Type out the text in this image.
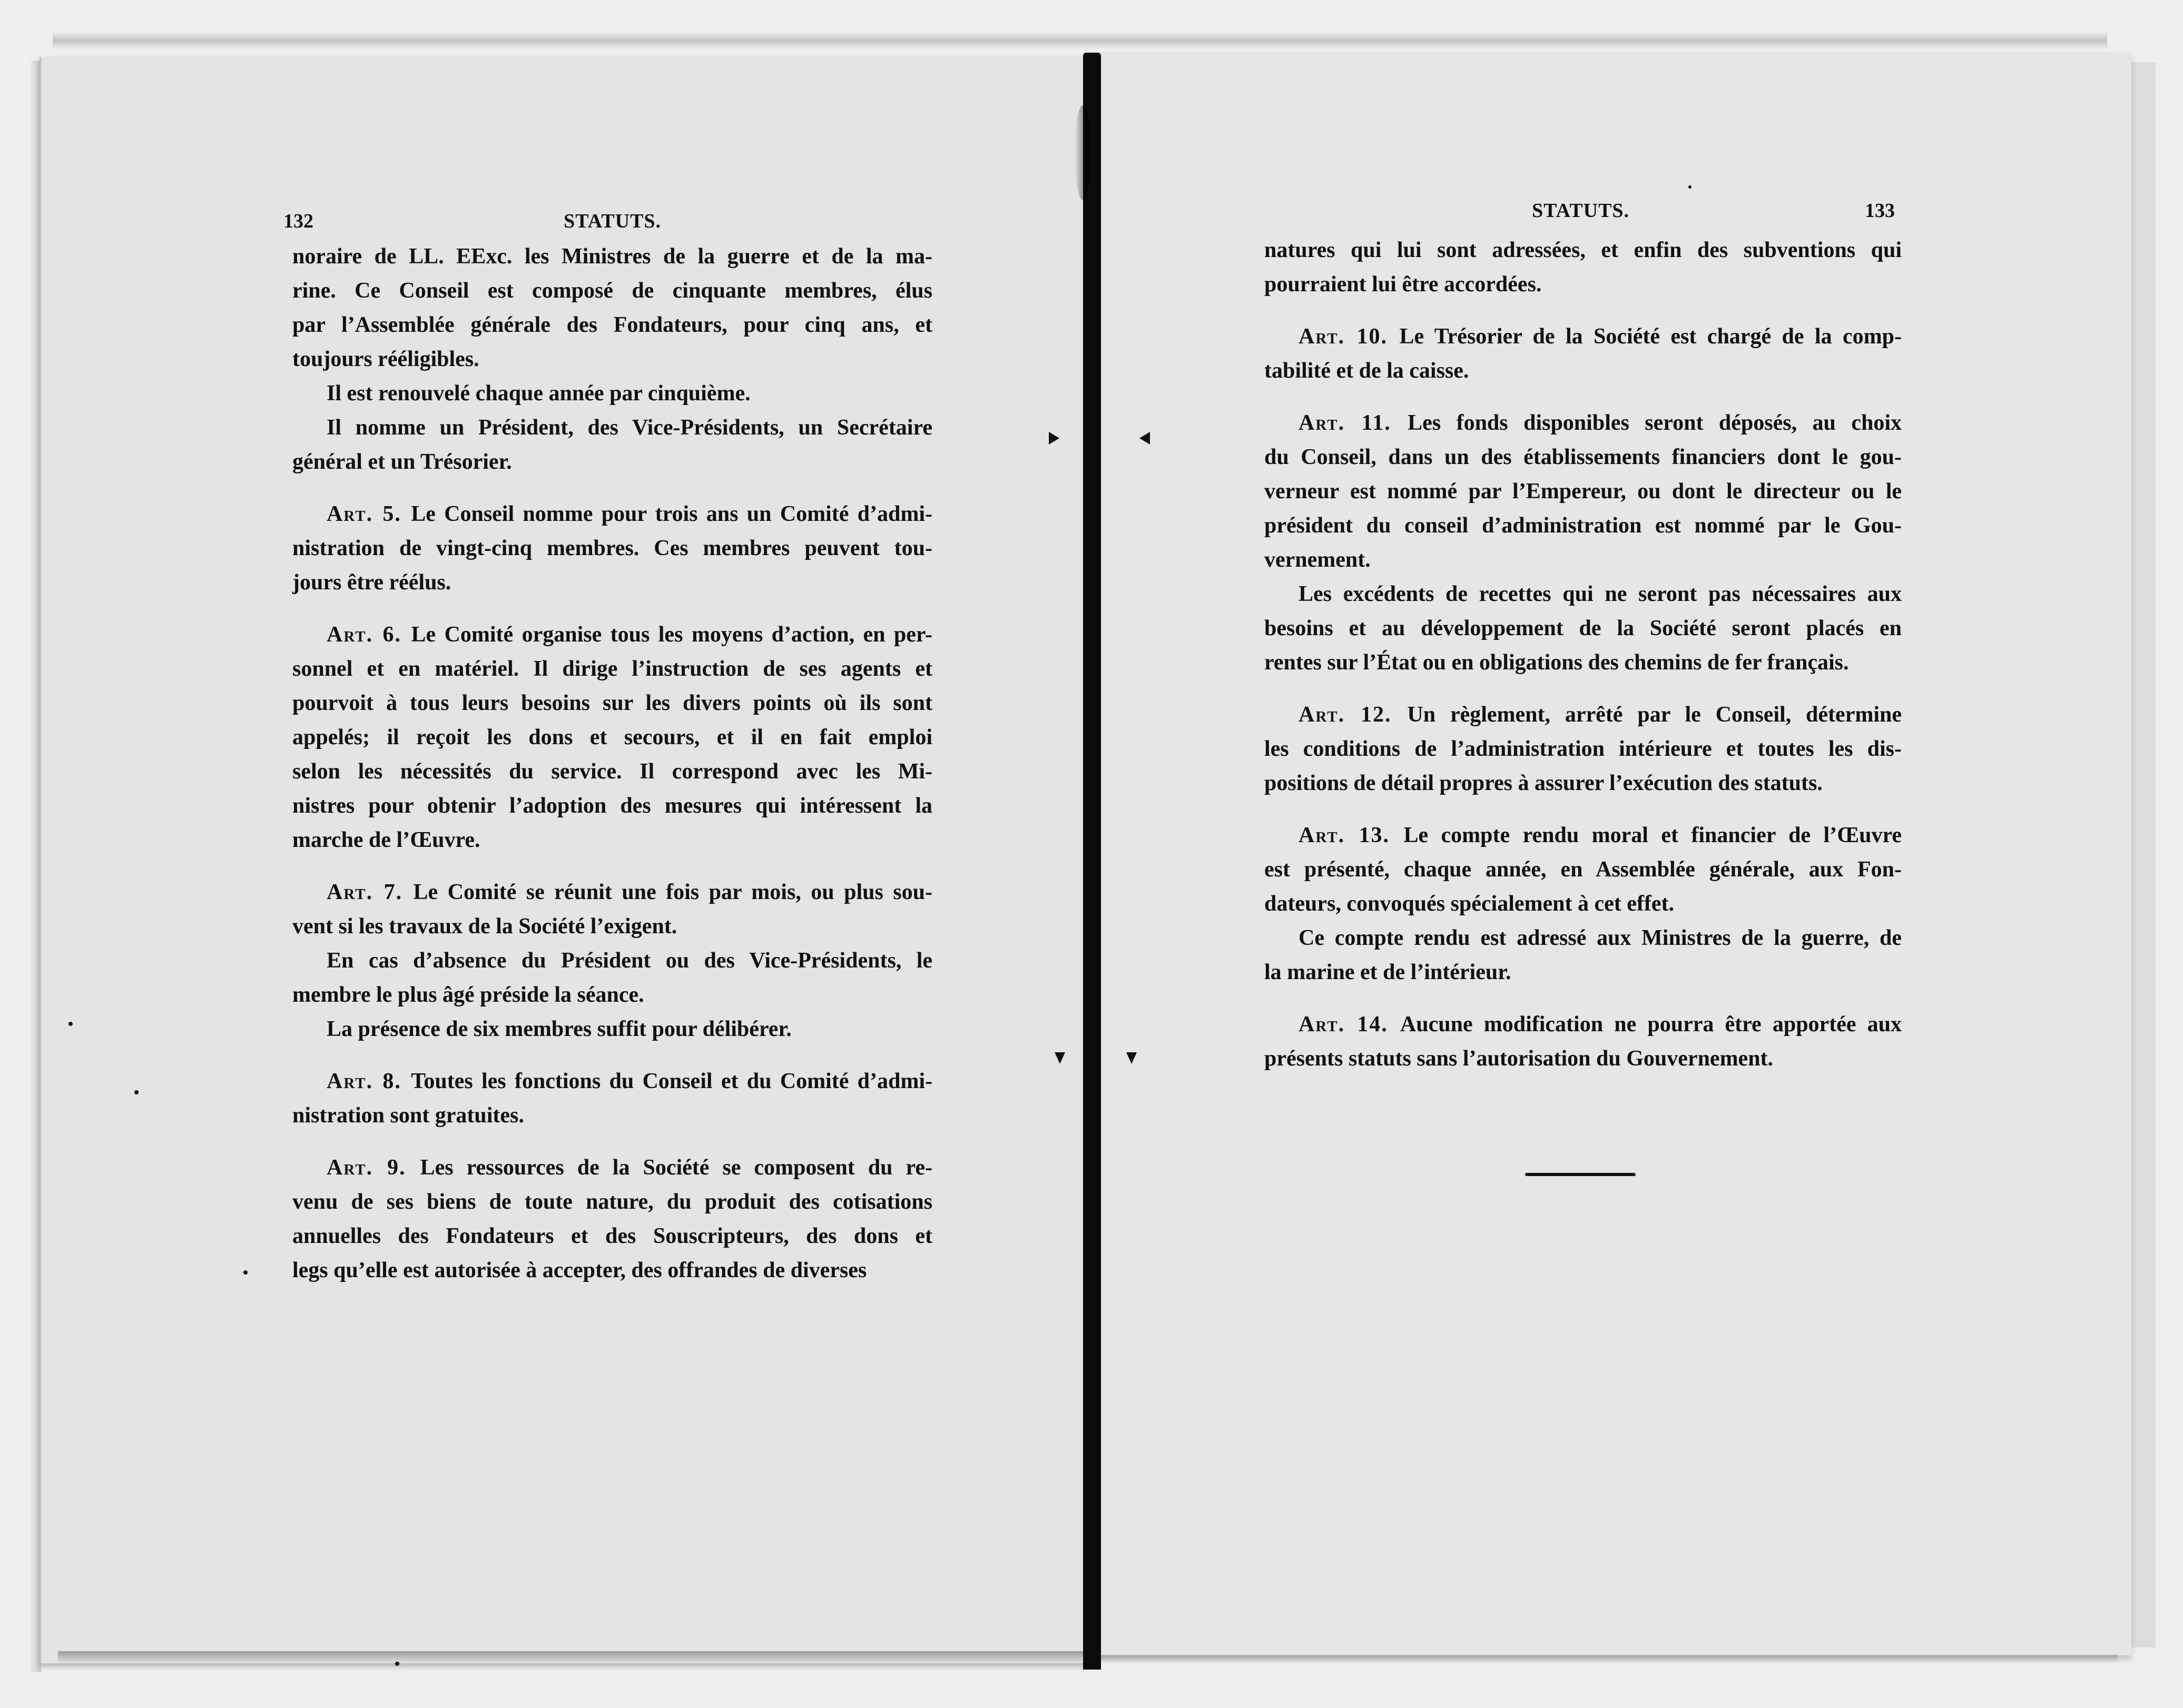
132	STATUTS.
noraire de LL. EExc. les Ministres de la guerre et de la ma-
rine. Ce Conseil est composé de cinquante membres, élus
par l’Assemblée générale des Fondateurs, pour cinq ans, et
toujours rééligibles.
Il est renouvelé chaque année par cinquième.
Il nomme un Président, des Vice-Présidents, un Secrétaire
général et un Trésorier.
Art. 5. Le Conseil nomme pour trois ans un Comité d’admi-
nistration de vingt-cinq membres. Ces membres peuvent tou-
jours être réélus.
Art. 6. Le Comité organise tous les moyens d’action, en per-
sonnel et en matériel. Il dirige l’instruction de ses agents et
pourvoit à tous leurs besoins sur les divers points où ils sont
appelés; il reçoit les dons et secours, et il en fait emploi
selon les nécessités du service. Il correspond avec les Mi-
nistres pour obtenir l’adoption des mesures qui intéressent la
marche de l’Œuvre.
Art. 7. Le Comité se réunit une fois par mois, ou plus sou-
vent si les travaux de la Société l’exigent.
En cas d’absence du Président ou des Vice-Présidents, le
membre le plus âgé préside la séance.
La présence de six membres suffit pour délibérer.
Art. 8. Toutes les fonctions du Conseil et du Comité d’admi-
nistration sont gratuites.
Art. 9. Les ressources de la Société se composent du re-
venu de ses biens de toute nature, du produit des cotisations
annuelles des Fondateurs et des Souscripteurs, des dons et
legs qu’elle est autorisée à accepter, des offrandes de diverses
STATUTS.	133
natures qui lui sont adressées, et enfin des subventions qui
pourraient lui être accordées.
Art. 10. Le Trésorier de la Société est chargé de la comp-
tabilité et de la caisse.
Art. 11. Les fonds disponibles seront déposés, au choix
du Conseil, dans un des établissements financiers dont le gou-
verneur est nommé par l’Empereur, ou dont le directeur ou le
président du conseil d’administration est nommé par le Gou-
vernement.
Les excédents de recettes qui ne seront pas nécessaires aux
besoins et au développement de la Société seront placés en
rentes sur l’État ou en obligations des chemins de fer français.
Art. 12. Un règlement, arrêté par le Conseil, détermine
les conditions de l’administration intérieure et toutes les dis-
positions de détail propres à assurer l’exécution des statuts.
Art. 13. Le compte rendu moral et financier de l’Œuvre
est présenté, chaque année, en Assemblée générale, aux Fon-
dateurs, convoqués spécialement à cet effet.
Ce compte rendu est adressé aux Ministres de la guerre, de
la marine et de l’intérieur.
Art. 14. Aucune modification ne pourra être apportée aux
présents statuts sans l’autorisation du Gouvernement.
